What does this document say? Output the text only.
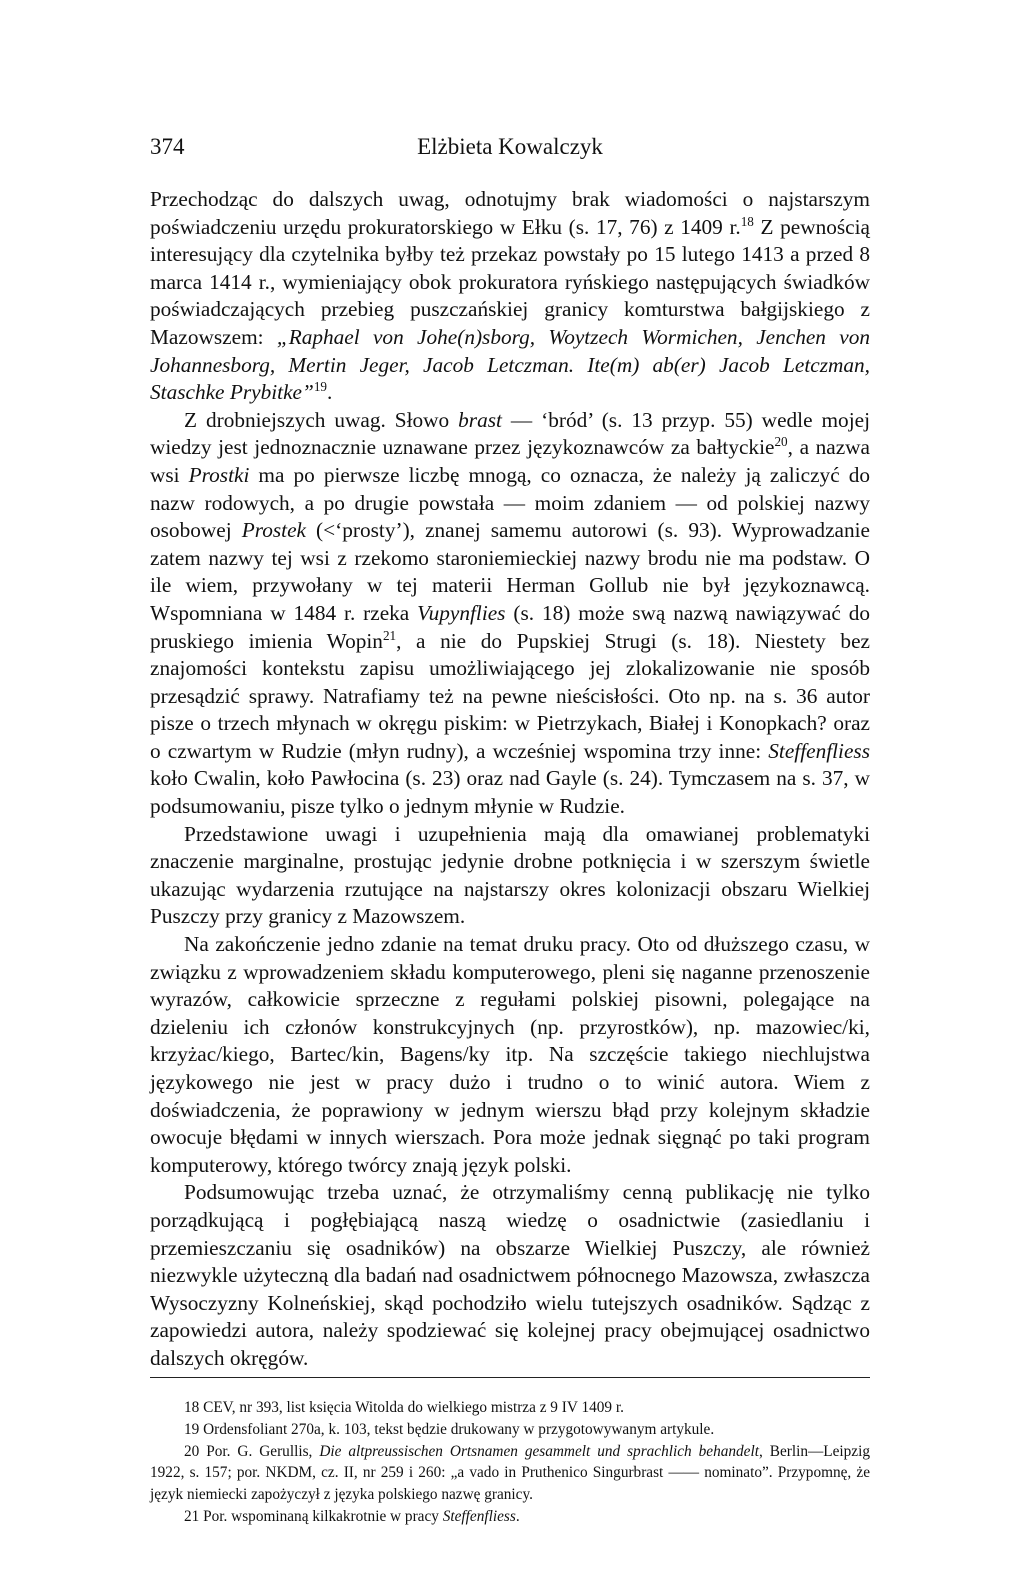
374	Elżbieta Kowalczyk

Przechodząc do dalszych uwag, odnotujmy brak wiadomości o najstarszym poświadczeniu urzędu prokuratorskiego w Ełku (s. 17, 76) z 1409 r.$^{18}$ Z pewnością interesujący dla czytelnika byłby też przekaz powstały po 15 lutego 1413 a przed 8 marca 1414 r., wymieniający obok prokuratora ryńskiego następujących świadków poświadczających przebieg puszczańskiej granicy komturstwa bałgijskiego z Mazowszem: „Raphael von Johe(n)sborg, Woytzech Wormichen, Jenchen von Johannesborg, Mertin Jeger, Jacob Letczman. Ite(m) ab(er) Jacob Letczman, Staschke Prybitke”$^{19}$.

Z drobniejszych uwag. Słowo brast — ‘bród’ (s. 13 przyp. 55) wedle mojej wiedzy jest jednoznacznie uznawane przez językoznawców za bałtyckie$^{20}$, a nazwa wsi Prostki ma po pierwsze liczbę mnogą, co oznacza, że należy ją zaliczyć do nazw rodowych, a po drugie powstała — moim zdaniem — od polskiej nazwy osobowej Prostek (<‘prosty’), znanej samemu autorowi (s. 93). Wyprowadzanie zatem nazwy tej wsi z rzekomo staroniemieckiej nazwy brodu nie ma podstaw. O ile wiem, przywołany w tej materii Herman Gollub nie był językoznawcą. Wspomniana w 1484 r. rzeka Vupynflies (s. 18) może swą nazwą nawiązywać do pruskiego imienia Wopin$^{21}$, a nie do Pupskiej Strugi (s. 18). Niestety bez znajomości kontekstu zapisu umożliwiającego jej zlokalizowanie nie sposób przesądzić sprawy. Natrafiamy też na pewne nieścisłości. Oto np. na s. 36 autor pisze o trzech młynach w okręgu piskim: w Pietrzykach, Białej i Konopkach? oraz o czwartym w Rudzie (młyn rudny), a wcześniej wspomina trzy inne: Steffenfliess koło Cwalin, koło Pawłocina (s. 23) oraz nad Gayle (s. 24). Tymczasem na s. 37, w podsumowaniu, pisze tylko o jednym młynie w Rudzie.

Przedstawione uwagi i uzupełnienia mają dla omawianej problematyki znaczenie marginalne, prostując jedynie drobne potknięcia i w szerszym świetle ukazując wydarzenia rzutujące na najstarszy okres kolonizacji obszaru Wielkiej Puszczy przy granicy z Mazowszem.

Na zakończenie jedno zdanie na temat druku pracy. Oto od dłuższego czasu, w związku z wprowadzeniem składu komputerowego, pleni się naganne przenoszenie wyrazów, całkowicie sprzeczne z regułami polskiej pisowni, polegające na dzieleniu ich członów konstrukcyjnych (np. przyrostków), np. mazowiec/ki, krzyżac/kiego, Bartec/kin, Bagens/ky itp. Na szczęście takiego niechlujstwa językowego nie jest w pracy dużo i trudno o to winić autora. Wiem z doświadczenia, że poprawiony w jednym wierszu błąd przy kolejnym składzie owocuje błędami w innych wierszach. Pora może jednak sięgnąć po taki program komputerowy, którego twórcy znają język polski.

Podsumowując trzeba uznać, że otrzymaliśmy cenną publikację nie tylko porządkującą i pogłębiającą naszą wiedzę o osadnictwie (zasiedlaniu i przemieszczaniu się osadników) na obszarze Wielkiej Puszczy, ale również niezwykle użyteczną dla badań nad osadnictwem północnego Mazowsza, zwłaszcza Wysoczyzny Kolneńskiej, skąd pochodziło wielu tutejszych osadników. Sądząc z zapowiedzi autora, należy spodziewać się kolejnej pracy obejmującej osadnictwo dalszych okręgów.

18 CEV, nr 393, list księcia Witolda do wielkiego mistrza z 9 IV 1409 r.

19 Ordensfoliant 270a, k. 103, tekst będzie drukowany w przygotowywanym artykule.

20 Por. G. Gerullis, Die altpreussischen Ortsnamen gesammelt und sprachlich behandelt, Berlin—Leipzig 1922, s. 157; por. NKDM, cz. II, nr 259 i 260: „a vado in Pruthenico Singurbrast —— nominato”. Przypomnę, że język niemiecki zapożyczył z języka polskiego nazwę granicy.

21 Por. wspominaną kilkakrotnie w pracy Steffenfliess.
